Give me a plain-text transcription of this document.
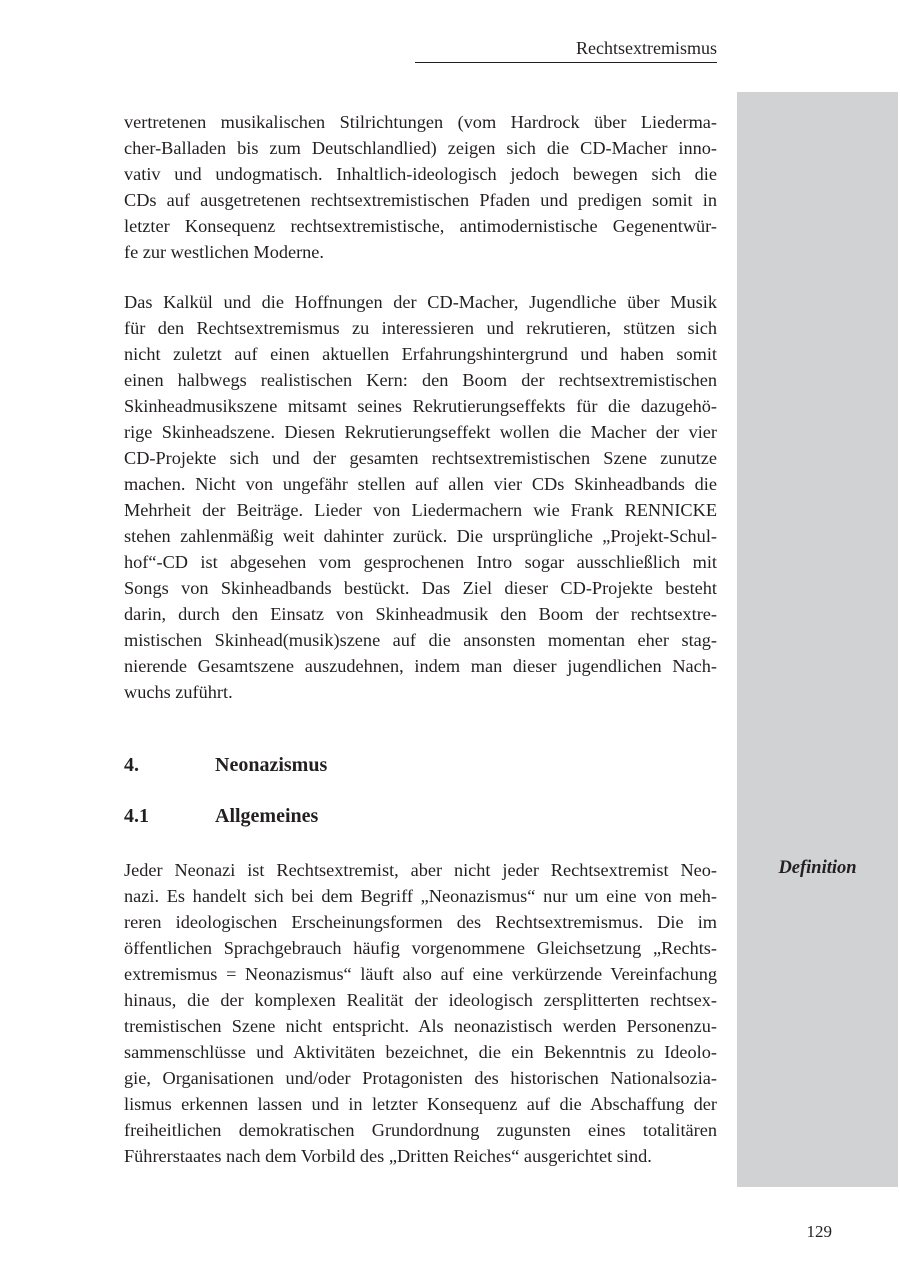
Rechtsextremismus
Definition
vertretenen musikalischen Stilrichtungen (vom Hardrock über Liederma-
cher-Balladen bis zum Deutschlandlied) zeigen sich die CD-Macher inno-
vativ und undogmatisch. Inhaltlich-ideologisch jedoch bewegen sich die
CDs auf ausgetretenen rechtsextremistischen Pfaden und predigen somit in
letzter Konsequenz rechtsextremistische, antimodernistische Gegenentwür-
fe zur westlichen Moderne.
Das Kalkül und die Hoffnungen der CD-Macher, Jugendliche über Musik
für den Rechtsextremismus zu interessieren und rekrutieren, stützen sich
nicht zuletzt auf einen aktuellen Erfahrungshintergrund und haben somit
einen halbwegs realistischen Kern: den Boom der rechtsextremistischen
Skinheadmusikszene mitsamt seines Rekrutierungseffekts für die dazugehö-
rige Skinheadszene. Diesen Rekrutierungseffekt wollen die Macher der vier
CD-Projekte sich und der gesamten rechtsextremistischen Szene zunutze
machen. Nicht von ungefähr stellen auf allen vier CDs Skinheadbands die
Mehrheit der Beiträge. Lieder von Liedermachern wie Frank RENNICKE
stehen zahlenmäßig weit dahinter zurück. Die ursprüngliche „Projekt-Schul-
hof“-CD ist abgesehen vom gesprochenen Intro sogar ausschließlich mit
Songs von Skinheadbands bestückt. Das Ziel dieser CD-Projekte besteht
darin, durch den Einsatz von Skinheadmusik den Boom der rechtsextre-
mistischen Skinhead(musik)szene auf die ansonsten momentan eher stag-
nierende Gesamtszene auszudehnen, indem man dieser jugendlichen Nach-
wuchs zuführt.
4.	Neonazismus
4.1	Allgemeines
Jeder Neonazi ist Rechtsextremist, aber nicht jeder Rechtsextremist Neo-
nazi. Es handelt sich bei dem Begriff „Neonazismus“ nur um eine von meh-
reren ideologischen Erscheinungsformen des Rechtsextremismus. Die im
öffentlichen Sprachgebrauch häufig vorgenommene Gleichsetzung „Rechts-
extremismus = Neonazismus“ läuft also auf eine verkürzende Vereinfachung
hinaus, die der komplexen Realität der ideologisch zersplitterten rechtsex-
tremistischen Szene nicht entspricht. Als neonazistisch werden Personenzu-
sammenschlüsse und Aktivitäten bezeichnet, die ein Bekenntnis zu Ideolo-
gie, Organisationen und/oder Protagonisten des historischen Nationalsozia-
lismus erkennen lassen und in letzter Konsequenz auf die Abschaffung der
freiheitlichen demokratischen Grundordnung zugunsten eines totalitären
Führerstaates nach dem Vorbild des „Dritten Reiches“ ausgerichtet sind.
129
